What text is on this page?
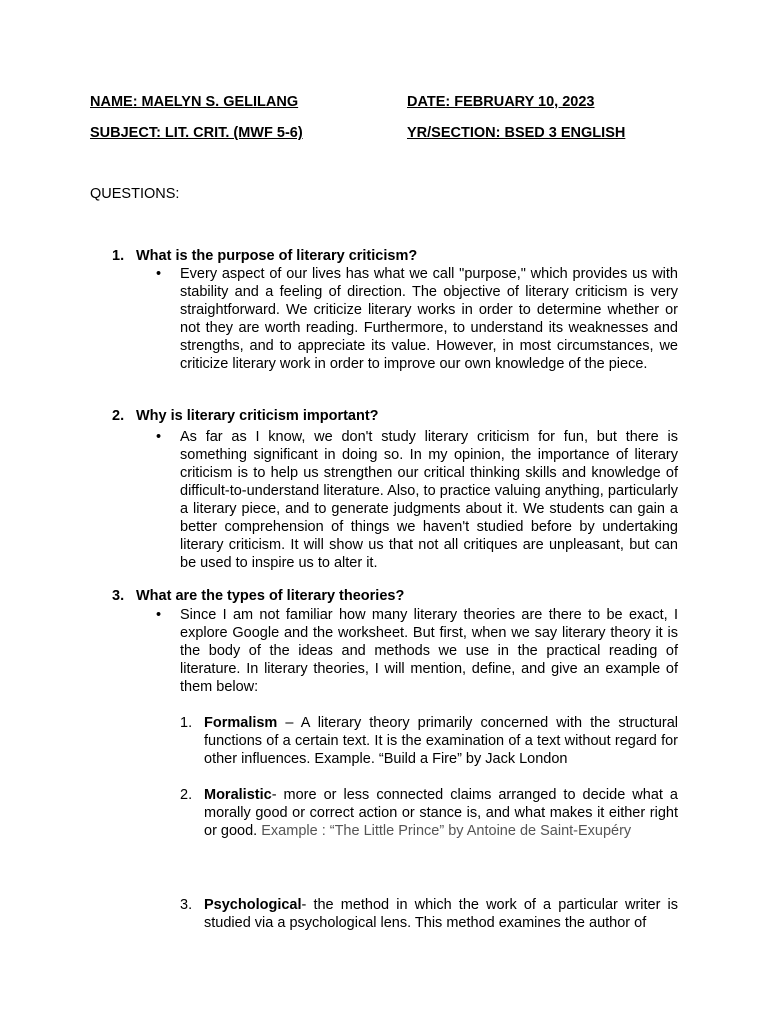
NAME: MAELYN S. GELILANG	DATE: FEBRUARY 10, 2023
SUBJECT: LIT. CRIT. (MWF 5-6)	YR/SECTION: BSED 3 ENGLISH
QUESTIONS:
1. What is the purpose of literary criticism?
•	Every aspect of our lives has what we call "purpose," which provides us with stability and a feeling of direction. The objective of literary criticism is very straightforward. We criticize literary works in order to determine whether or not they are worth reading. Furthermore, to understand its weaknesses and strengths, and to appreciate its value. However, in most circumstances, we criticize literary work in order to improve our own knowledge of the piece.
2. Why is literary criticism important?
•	As far as I know, we don't study literary criticism for fun, but there is something significant in doing so. In my opinion, the importance of literary criticism is to help us strengthen our critical thinking skills and knowledge of difficult-to-understand literature. Also, to practice valuing anything, particularly a literary piece, and to generate judgments about it. We students can gain a better comprehension of things we haven't studied before by undertaking literary criticism. It will show us that not all critiques are unpleasant, but can be used to inspire us to alter it.
3. What are the types of literary theories?
•	Since I am not familiar how many literary theories are there to be exact, I explore Google and the worksheet. But first, when we say literary theory it is the body of the ideas and methods we use in the practical reading of literature. In literary theories, I will mention, define, and give an example of them below:
1. Formalism – A literary theory primarily concerned with the structural functions of a certain text. It is the examination of a text without regard for other influences. Example. “Build a Fire” by Jack London
2. Moralistic- more or less connected claims arranged to decide what a morally good or correct action or stance is, and what makes it either right or good. Example : “The Little Prince” by Antoine de Saint-Exupéry
3. Psychological- the method in which the work of a particular writer is studied via a psychological lens. This method examines the author of
